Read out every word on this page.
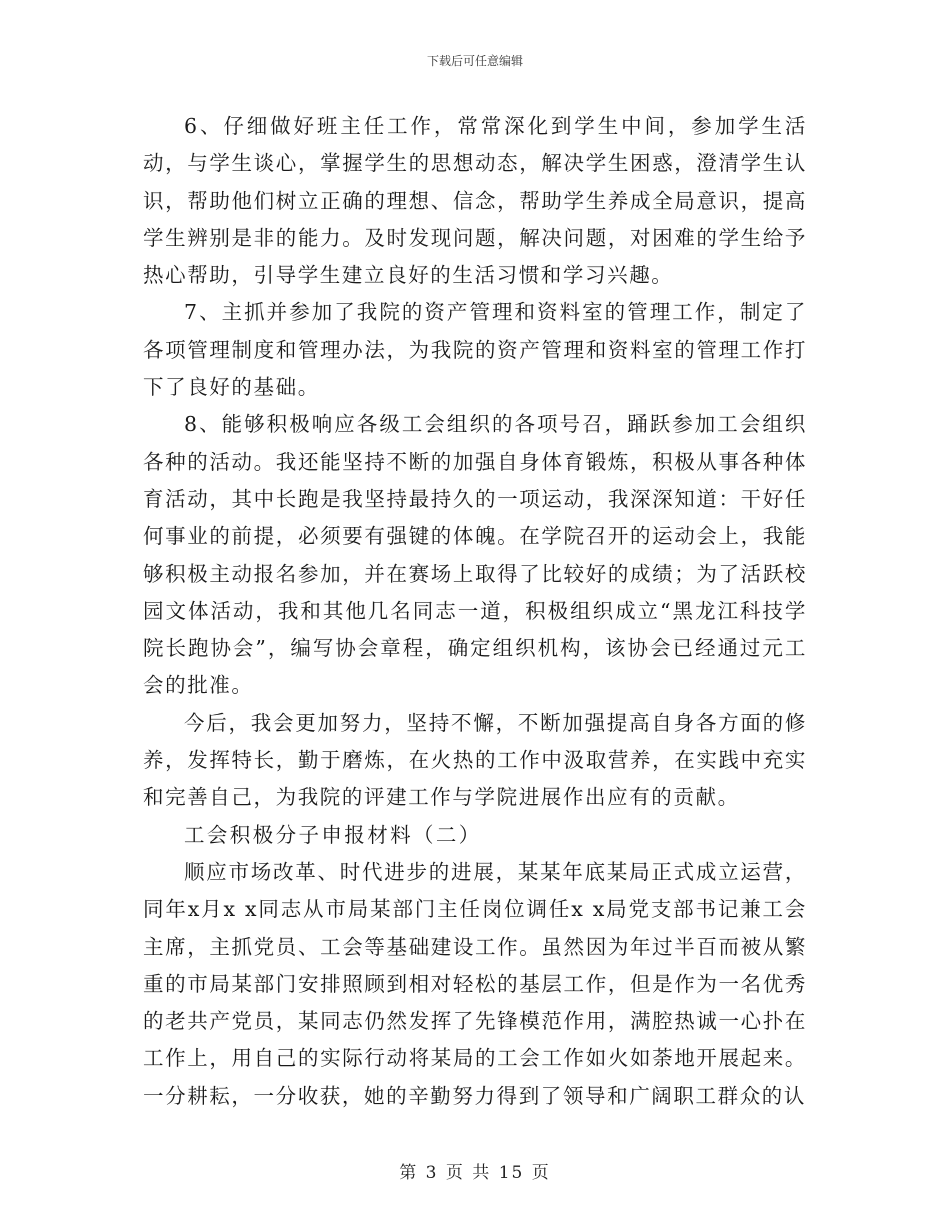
下载后可任意编辑

6、仔细做好班主任工作，常常深化到学生中间，参加学生活动，与学生谈心，掌握学生的思想动态，解决学生困惑，澄清学生认识，帮助他们树立正确的理想、信念，帮助学生养成全局意识，提高学生辨别是非的能力。及时发现问题，解决问题，对困难的学生给予热心帮助，引导学生建立良好的生活习惯和学习兴趣。

7、主抓并参加了我院的资产管理和资料室的管理工作，制定了各项管理制度和管理办法，为我院的资产管理和资料室的管理工作打下了良好的基础。

8、能够积极响应各级工会组织的各项号召，踊跃参加工会组织各种的活动。我还能坚持不断的加强自身体育锻炼，积极从事各种体育活动，其中长跑是我坚持最持久的一项运动，我深深知道：干好任何事业的前提，必须要有强键的体魄。在学院召开的运动会上，我能够积极主动报名参加，并在赛场上取得了比较好的成绩；为了活跃校园文体活动，我和其他几名同志一道，积极组织成立“黑龙江科技学院长跑协会”，编写协会章程，确定组织机构，该协会已经通过元工会的批准。

今后，我会更加努力，坚持不懈，不断加强提高自身各方面的修养，发挥特长，勤于磨炼，在火热的工作中汲取营养，在实践中充实和完善自己，为我院的评建工作与学院进展作出应有的贡献。

工会积极分子申报材料（二）

顺应市场改革、时代进步的进展，某某年底某局正式成立运营，同年x月x x同志从市局某部门主任岗位调任x x局党支部书记兼工会主席，主抓党员、工会等基础建设工作。虽然因为年过半百而被从繁重的市局某部门安排照顾到相对轻松的基层工作，但是作为一名优秀的老共产党员，某同志仍然发挥了先锋模范作用，满腔热诚一心扑在工作上，用自己的实际行动将某局的工会工作如火如荼地开展起来。 一分耕耘，一分收获，她的辛勤努力得到了领导和广阔职工群众的认

第 3 页 共 15 页
